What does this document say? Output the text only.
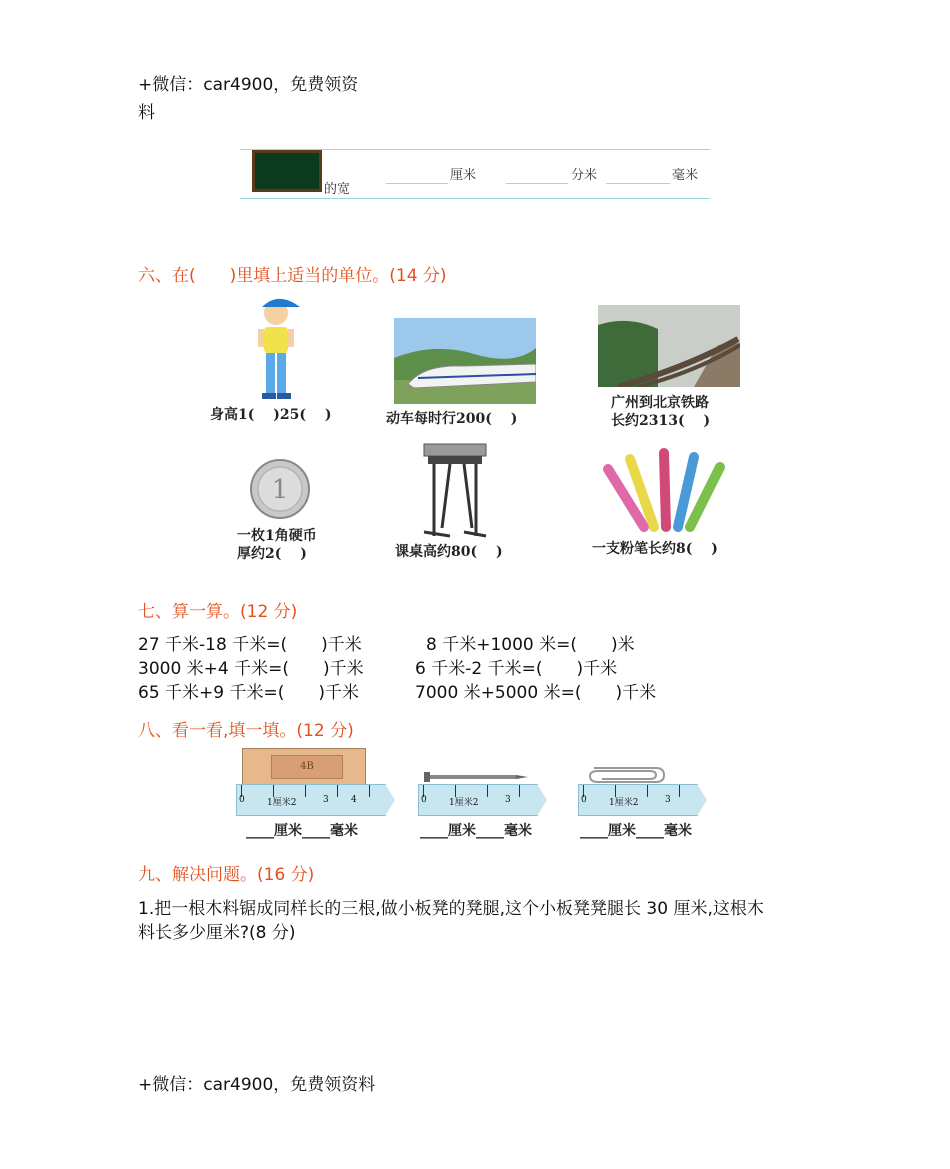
+微信：car4900，免费领资
料
的宽
厘米	分米	毫米
六、在(　　)里填上适当的单位。(14 分)
身高1(　 )25(　 )	动车每时行200(　 )
广州到北京铁路
长约2313(　 )
1
一枚1角硬币
厚约2(　 )	课桌高约80(　 )	一支粉笔长约8(　 )
七、算一算。(12 分)
27 千米-18 千米=(　　)千米	8 千米+1000 米=(　　)米
3000 米+4 千米=(　　)千米	6 千米-2 千米=(　　)千米
65 千米+9 千米=(　　)千米	7000 米+5000 米=(　　)千米
八、看一看,填一填。(12 分)
4B
0 1厘米2	3 4
____厘米____毫米
0 1厘米2	3
____厘米____毫米
0 1厘米2	3
____厘米____毫米
九、解决问题。(16 分)
1.把一根木料锯成同样长的三根,做小板凳的凳腿,这个小板凳凳腿长 30 厘米,这根木
料长多少厘米?(8 分)
+微信：car4900，免费领资料
